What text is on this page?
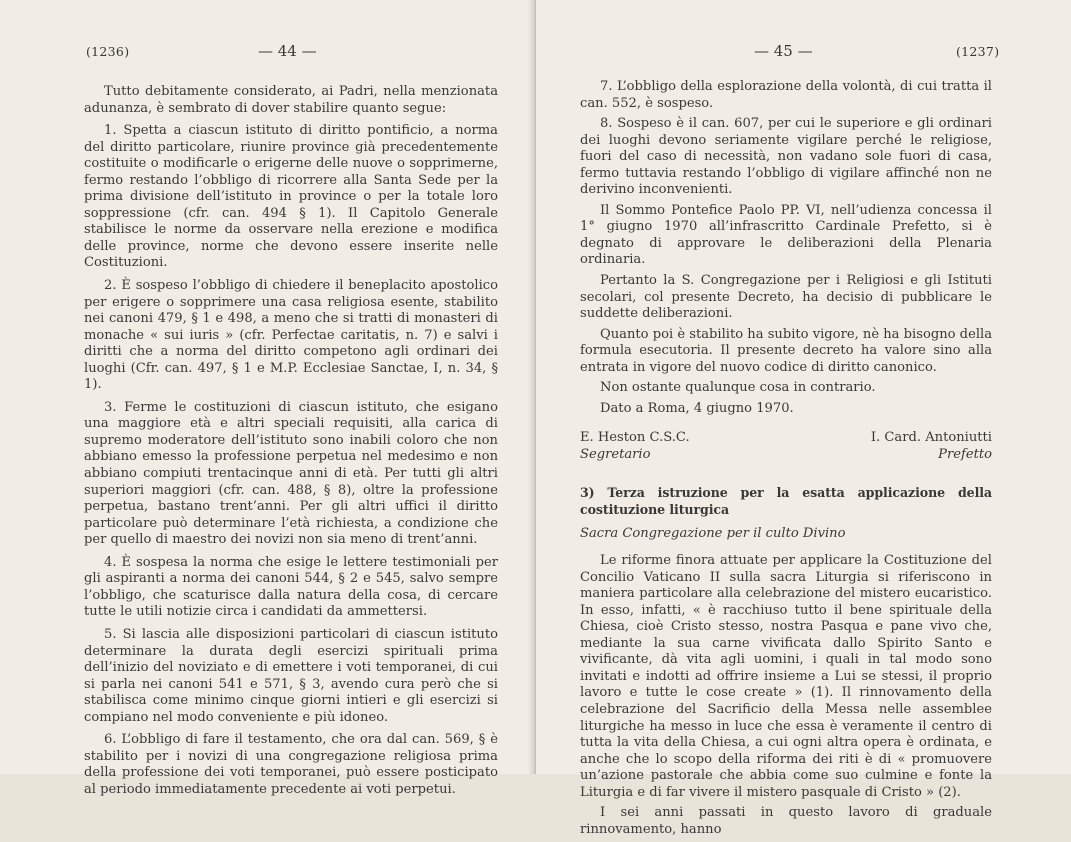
(1236)	— 44 —

Tutto debitamente considerato, ai Padri, nella menzionata adunanza, è sembrato di dover stabilire quanto segue:

1. Spetta a ciascun istituto di diritto pontificio, a norma del diritto particolare, riunire province già precedentemente costituite o modificarle o erigerne delle nuove o sopprimerne, fermo restando l’obbligo di ricorrere alla Santa Sede per la prima divisione dell’istituto in province o per la totale loro soppressione (cfr. can. 494 § 1). Il Capitolo Generale stabilisce le norme da osservare nella erezione e modifica delle province, norme che devono essere inserite nelle Costituzioni.

2. È sospeso l’obbligo di chiedere il beneplacito apostolico per erigere o sopprimere una casa religiosa esente, stabilito nei canoni 479, § 1 e 498, a meno che si tratti di monasteri di monache « sui iuris » (cfr. Perfectae caritatis, n. 7) e salvi i diritti che a norma del diritto competono agli ordinari dei luoghi (Cfr. can. 497, § 1 e M.P. Ecclesiae Sanctae, I, n. 34, § 1).

3. Ferme le costituzioni di ciascun istituto, che esigano una maggiore età e altri speciali requisiti, alla carica di supremo moderatore dell’istituto sono inabili coloro che non abbiano emesso la professione perpetua nel medesimo e non abbiano compiuti trentacinque anni di età. Per tutti gli altri superiori maggiori (cfr. can. 488, § 8), oltre la professione perpetua, bastano trent’anni. Per gli altri uffici il diritto particolare può determinare l’età richiesta, a condizione che per quello di maestro dei novizi non sia meno di trent’anni.

4. È sospesa la norma che esige le lettere testimoniali per gli aspiranti a norma dei canoni 544, § 2 e 545, salvo sempre l’obbligo, che scaturisce dalla natura della cosa, di cercare tutte le utili notizie circa i candidati da ammettersi.

5. Si lascia alle disposizioni particolari di ciascun istituto determinare la durata degli esercizi spirituali prima dell’inizio del noviziato e di emettere i voti temporanei, di cui si parla nei canoni 541 e 571, § 3, avendo cura però che si stabilisca come minimo cinque giorni intieri e gli esercizi si compiano nel modo conveniente e più idoneo.

6. L’obbligo di fare il testamento, che ora dal can. 569, § è stabilito per i novizi di una congregazione religiosa prima della professione dei voti temporanei, può essere posticipato al periodo immediatamente precedente ai voti perpetui.

— 45 —	(1237)

7. L’obbligo della esplorazione della volontà, di cui tratta il can. 552, è sospeso.

8. Sospeso è il can. 607, per cui le superiore e gli ordinari dei luoghi devono seriamente vigilare perché le religiose, fuori del caso di necessità, non vadano sole fuori di casa, fermo tuttavia restando l’obbligo di vigilare affinché non ne derivino inconvenienti.

Il Sommo Pontefice Paolo PP. VI, nell’udienza concessa il 1° giugno 1970 all’infrascritto Cardinale Prefetto, si è degnato di approvare le deliberazioni della Plenaria ordinaria.

Pertanto la S. Congregazione per i Religiosi e gli Istituti secolari, col presente Decreto, ha decisio di pubblicare le suddette deliberazioni.

Quanto poi è stabilito ha subito vigore, nè ha bisogno della formula esecutoria. Il presente decreto ha valore sino alla entrata in vigore del nuovo codice di diritto canonico.

Non ostante qualunque cosa in contrario.

Dato a Roma, 4 giugno 1970.

E. Heston C.S.C.
Segretario
I. Card. Antoniutti
Prefetto
3) Terza istruzione per la esatta applicazione della costituzione liturgica

Sacra Congregazione per il culto Divino

Le riforme finora attuate per applicare la Costituzione del Concilio Vaticano II sulla sacra Liturgia si riferiscono in maniera particolare alla celebrazione del mistero eucaristico. In esso, infatti, « è racchiuso tutto il bene spirituale della Chiesa, cioè Cristo stesso, nostra Pasqua e pane vivo che, mediante la sua carne vivificata dallo Spirito Santo e vivificante, dà vita agli uomini, i quali in tal modo sono invitati e indotti ad offrire insieme a Lui se stessi, il proprio lavoro e tutte le cose create » (1). Il rinnovamento della celebrazione del Sacrificio della Messa nelle assemblee liturgiche ha messo in luce che essa è veramente il centro di tutta la vita della Chiesa, a cui ogni altra opera è ordinata, e anche che lo scopo della riforma dei riti è di « promuovere un’azione pastorale che abbia come suo culmine e fonte la Liturgia e di far vivere il mistero pasquale di Cristo » (2).

I sei anni passati in questo lavoro di graduale rinnovamento, hanno
